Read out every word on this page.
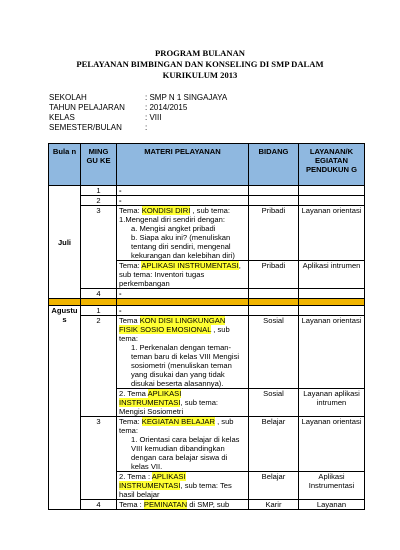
PROGRAM BULANAN
PELAYANAN BIMBINGAN DAN KONSELING DI SMP DALAM
KURIKULUM 2013
SEKOLAH	: SMP N 1 SINGAJAYA
TAHUN PELAJARAN	: 2014/2015
KELAS	: VIII
SEMESTER/BULAN	:
Bula n	MING GU KE	MATERI PELAYANAN	BIDANG	LAYANAN/K EGIATAN PENDUKUN G
Juli	1	-		
	2	-		
	3	Tema: KONDISI DIRI , sub tema:
1.Mengenal diri sendiri dengan:

a. Mengisi angket pribadi
b. Siapa aku ini? (menuliskan tentang diri sendiri, mengenal kekurangan dan kelebihan diri)	Pribadi	Layanan orientasi
		Tema: APLIKASI INSTRUMENTASI, sub tema: Inventori tugas perkembangan	Pribadi	Aplikasi intrumen
	4	-		

Agustus	1	-		
	2	Tema KON DISI LINGKUNGAN FISIK SOSIO EMOSIONAL , sub tema:

1. Perkenalan dengan teman-teman baru di kelas VIII Mengisi sosiometri (menuliskan teman yang disukai dan yang tidak disukai beserta alasannya).	Sosial	Layanan orientasi
		2. Tema APLIKASI INSTRUMENTASI, sub tema: Mengisi Sosiometri	Sosial	Layanan aplikasi intrumen
	3	Tema: KEGIATAN BELAJAR , sub tema:

1. Orientasi cara belajar di kelas VIII kemudian dibandingkan dengan cara belajar siswa di kelas VII.	Belajar	Layanan orientasi
		2. Tema : APLIKASI INSTRUMENTASI, sub tema: Tes hasil belajar	Belajar	Aplikasi Instrumentasi
	4	Tema : PEMINATAN di SMP, sub	Karir	Layanan
